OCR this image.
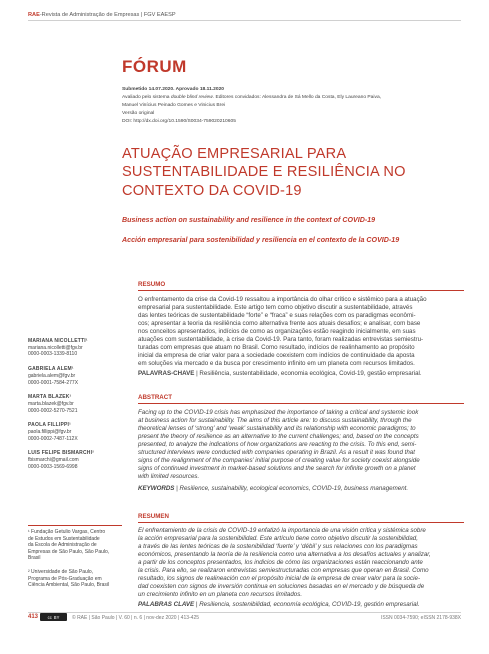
RAE-Revista de Administração de Empresas | FGV EAESP
FÓRUM
Submetido 14.07.2020. Aprovado 18.11.2020
Avaliado pelo sistema double blind review. Editores convidados: Alessandra de Sá Mello da Costa, Ely Laureano Paiva,
Manuel Vinícius Peinado Gomes e Vinicius Brei
Versão original
DOI: http://dx.doi.org/10.1590/S0034-759020210605
ATUAÇÃO EMPRESARIAL PARA
SUSTENTABILIDADE E RESILIÊNCIA NO
CONTEXTO DA COVID-19
Business action on sustainability and resilience in the context of COVID-19
Acción empresarial para sostenibilidad y resiliencia en el contexto de la COVID-19
RESUMO
O enfrentamento da crise da Covid-19 ressaltou a importância do olhar crítico e sistêmico para a atuação
empresarial para sustentabilidade. Este artigo tem como objetivo discutir a sustentabilidade, através
das lentes teóricas de sustentabilidade “forte” e “fraca” e suas relações com os paradigmas econômi-
cos; apresentar a teoria da resiliência como alternativa frente aos atuais desafios; e analisar, com base
nos conceitos apresentados, indícios de como as organizações estão reagindo inicialmente, em suas
atuações com sustentabilidade, à crise da Covid-19. Para tanto, foram realizadas entrevistas semiestru-
turadas com empresas que atuam no Brasil. Como resultado, indícios de realinhamento ao propósito
inicial da empresa de criar valor para a sociedade coexistem com indícios de continuidade da aposta
em soluções via mercado e da busca por crescimento infinito em um planeta com recursos limitados.
PALAVRAS-CHAVE | Resiliência, sustentabilidade, economia ecológica, Covid-19, gestão empresarial.
ABSTRACT
Facing up to the COVID-19 crisis has emphasized the importance of taking a critical and systemic look
at business action for sustainability. The aims of this article are: to discuss sustainability, through the
theoretical lenses of ‘strong’ and ‘weak’ sustainability and its relationship with economic paradigms; to
present the theory of resilience as an alternative to the current challenges; and, based on the concepts
presented, to analyze the indications of how organizations are reacting to the crisis. To this end, semi-
structured interviews were conducted with companies operating in Brazil. As a result it was found that
signs of the realignment of the companies’ initial purpose of creating value for society coexist alongside
signs of continued investment in market-based solutions and the search for infinite growth on a planet
with limited resources.
KEYWORDS | Resilience, sustainability, ecological economics, COVID-19, business management.
RESUMEN
El enfrentamiento de la crisis de COVID-19 enfatizó la importancia de una visión crítica y sistémica sobre
la acción empresarial para la sostenibilidad. Este artículo tiene como objetivo discutir la sostenibilidad,
a través de las lentes teóricas de la sostenibilidad ‘fuerte’ y ‘débil’ y sus relaciones con los paradigmas
económicos, presentando la teoría de la resiliencia como una alternativa a los desafíos actuales y analizar,
a partir de los conceptos presentados, los indicios de cómo las organizaciones están reaccionando ante
la crisis. Para ello, se realizaron entrevistas semiestructuradas con empresas que operan en Brasil. Como
resultado, los signos de realineación con el propósito inicial de la empresa de crear valor para la socie-
dad coexisten con signos de inversión continua en soluciones basadas en el mercado y de búsqueda de
un crecimiento infinito en un planeta con recursos limitados.
PALABRAS CLAVE | Resiliencia, sostenibilidad, economía ecológica, COVID-19, gestión empresarial.
MARIANA NICOLLETTI¹
mariana.nicolletti@fgv.br
0000-0003-1339-8110
GABRIELA ALEM¹
gabriela.alem@fgv.br
0000-0001-7584-277X
MARTA BLAZEK¹
marta.blazek@fgv.br
0000-0002-5270-7521
PAOLA FILLIPPI¹
paola.fillippi@fgv.br
0000-0002-7487-112X
LUIS FELIPE BISMARCHI²
fbismarchi@gmail.com
0000-0003-1569-6998
¹ Fundação Getulio Vargas, Centro
de Estudos em Sustentabilidade
da Escola de Administração de
Empresas de São Paulo, São Paulo,
Brasil
² Universidade de São Paulo,
Programa de Pós-Graduação em
Ciência Ambiental, São Paulo, Brasil
413 cc BY	© RAE | São Paulo | V. 60 | n. 6 | nov-dez 2020 | 413-425	ISSN 0034-7590; eISSN 2178-938X
